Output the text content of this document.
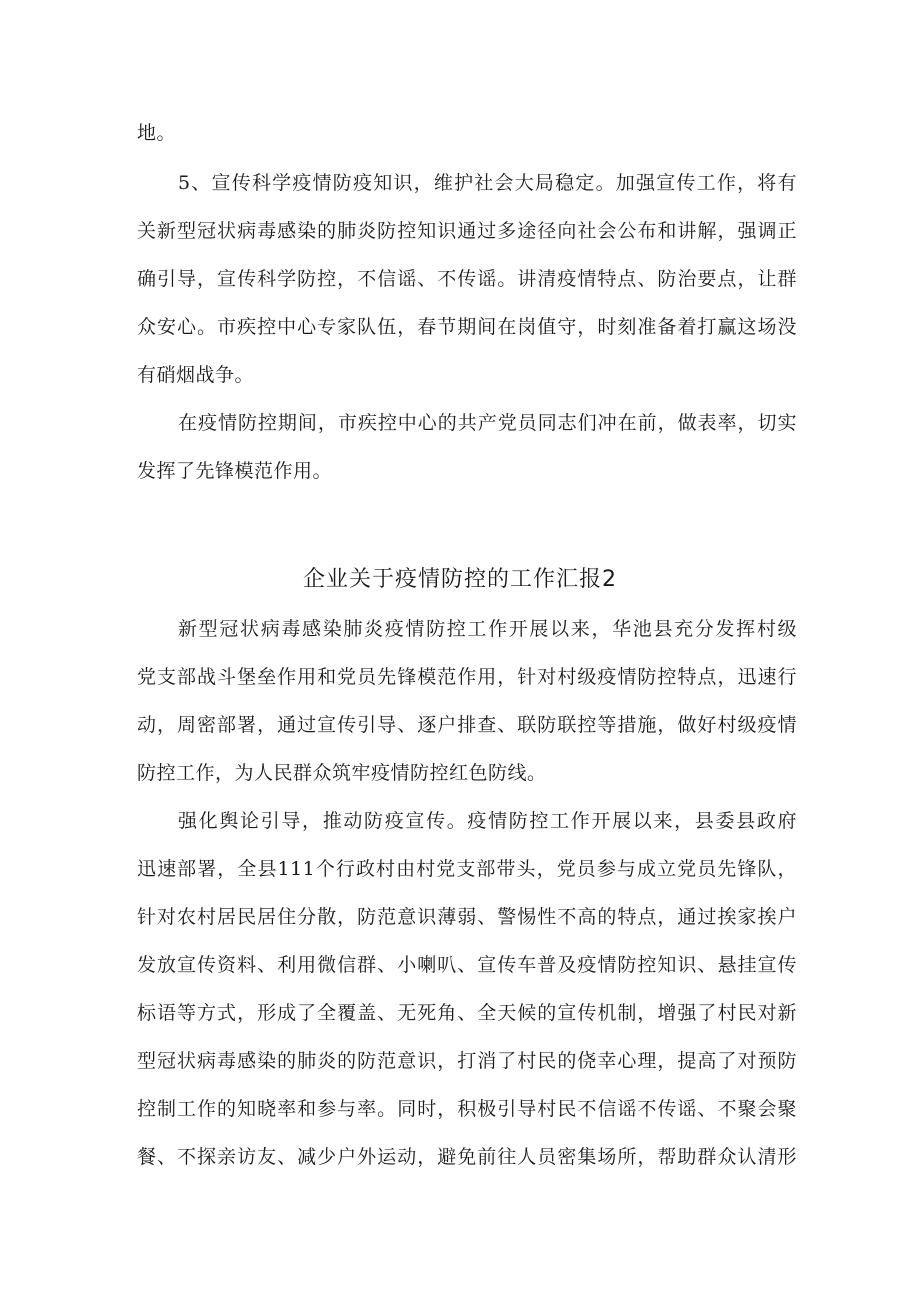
地。
5、宣传科学疫情防疫知识，维护社会大局稳定。加强宣传工作，将有
关新型冠状病毒感染的肺炎防控知识通过多途径向社会公布和讲解，强调正
确引导，宣传科学防控，不信谣、不传谣。讲清疫情特点、防治要点，让群
众安心。市疾控中心专家队伍，春节期间在岗值守，时刻准备着打赢这场没
有硝烟战争。
在疫情防控期间，市疾控中心的共产党员同志们冲在前，做表率，切实
发挥了先锋模范作用。
企业关于疫情防控的工作汇报2
新型冠状病毒感染肺炎疫情防控工作开展以来，华池县充分发挥村级
党支部战斗堡垒作用和党员先锋模范作用，针对村级疫情防控特点，迅速行
动，周密部署，通过宣传引导、逐户排查、联防联控等措施，做好村级疫情
防控工作，为人民群众筑牢疫情防控红色防线。
强化舆论引导，推动防疫宣传。疫情防控工作开展以来，县委县政府
迅速部署，全县111个行政村由村党支部带头，党员参与成立党员先锋队，
针对农村居民居住分散，防范意识薄弱、警惕性不高的特点，通过挨家挨户
发放宣传资料、利用微信群、小喇叭、宣传车普及疫情防控知识、悬挂宣传
标语等方式，形成了全覆盖、无死角、全天候的宣传机制，增强了村民对新
型冠状病毒感染的肺炎的防范意识，打消了村民的侥幸心理，提高了对预防
控制工作的知晓率和参与率。同时，积极引导村民不信谣不传谣、不聚会聚
餐、不探亲访友、减少户外运动，避免前往人员密集场所，帮助群众认清形
